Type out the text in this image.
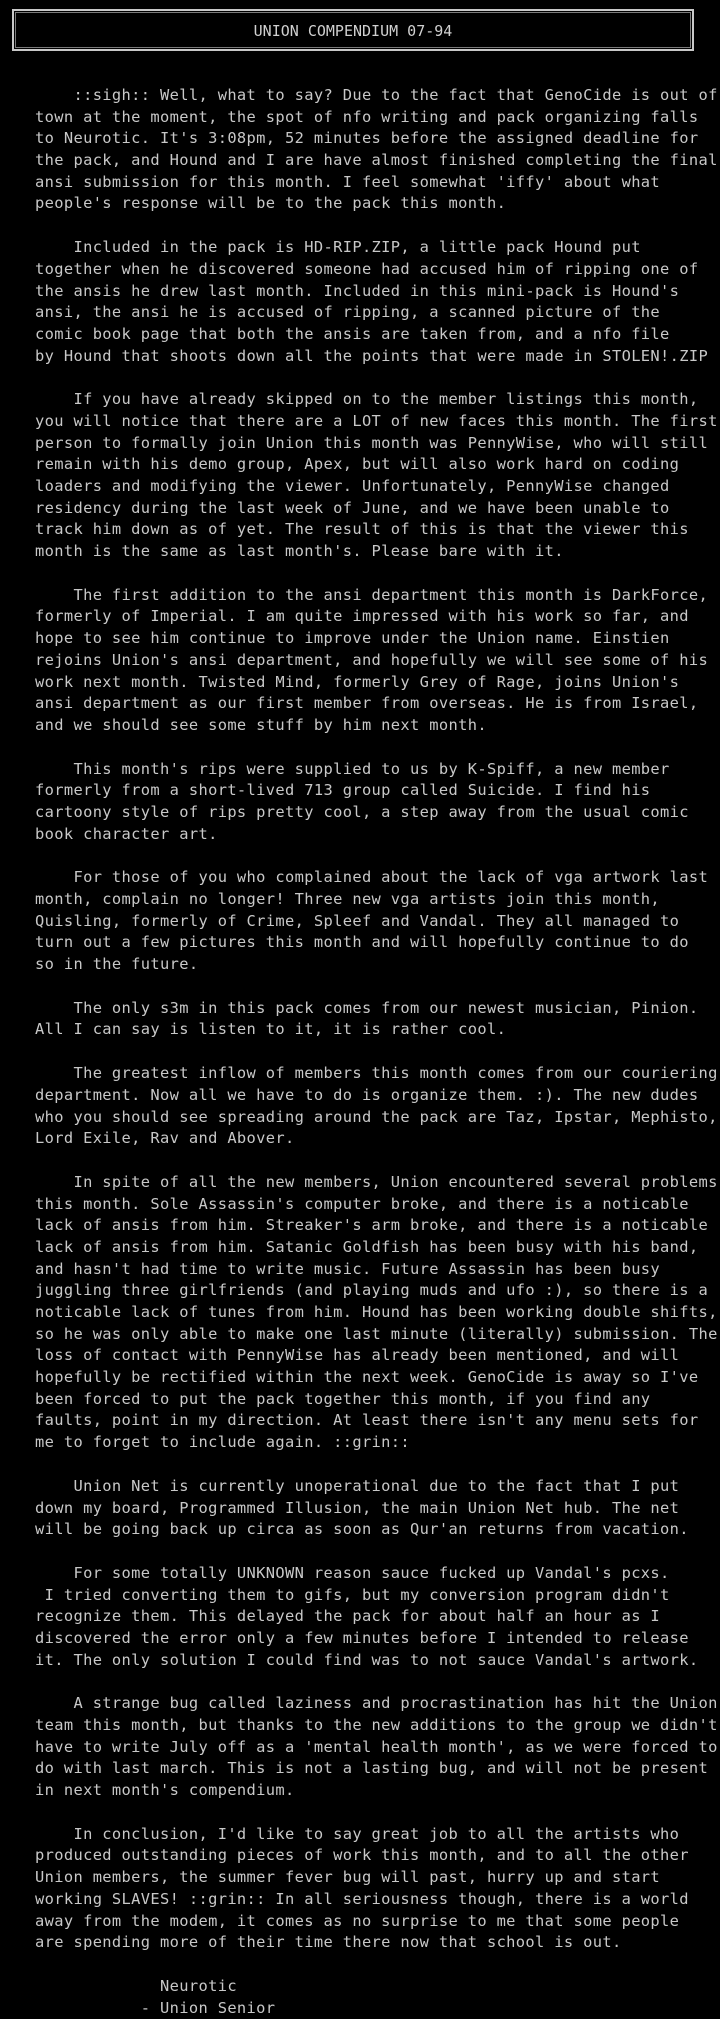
UNION COMPENDIUM 07-94
::sigh:: Well, what to say? Due to the fact that GenoCide is out of
town at the moment, the spot of nfo writing and pack organizing falls
to Neurotic. It's 3:08pm, 52 minutes before the assigned deadline for
the pack, and Hound and I are have almost finished completing the final
ansi submission for this month. I feel somewhat 'iffy' about what
people's response will be to the pack this month.
Included in the pack is HD-RIP.ZIP, a little pack Hound put
together when he discovered someone had accused him of ripping one of
the ansis he drew last month. Included in this mini-pack is Hound's
ansi, the ansi he is accused of ripping, a scanned picture of the
comic book page that both the ansis are taken from, and a nfo file
by Hound that shoots down all the points that were made in STOLEN!.ZIP
If you have already skipped on to the member listings this month,
you will notice that there are a LOT of new faces this month. The first
person to formally join Union this month was PennyWise, who will still
remain with his demo group, Apex, but will also work hard on coding
loaders and modifying the viewer. Unfortunately, PennyWise changed
residency during the last week of June, and we have been unable to
track him down as of yet. The result of this is that the viewer this
month is the same as last month's. Please bare with it.
The first addition to the ansi department this month is DarkForce,
formerly of Imperial. I am quite impressed with his work so far, and
hope to see him continue to improve under the Union name. Einstien
rejoins Union's ansi department, and hopefully we will see some of his
work next month. Twisted Mind, formerly Grey of Rage, joins Union's
ansi department as our first member from overseas. He is from Israel,
and we should see some stuff by him next month.
This month's rips were supplied to us by K-Spiff, a new member
formerly from a short-lived 713 group called Suicide. I find his
cartoony style of rips pretty cool, a step away from the usual comic
book character art.
For those of you who complained about the lack of vga artwork last
month, complain no longer! Three new vga artists join this month,
Quisling, formerly of Crime, Spleef and Vandal. They all managed to
turn out a few pictures this month and will hopefully continue to do
so in the future.
The only s3m in this pack comes from our newest musician, Pinion.
All I can say is listen to it, it is rather cool.
The greatest inflow of members this month comes from our couriering
department. Now all we have to do is organize them. :). The new dudes
who you should see spreading around the pack are Taz, Ipstar, Mephisto,
Lord Exile, Rav and Abover.
In spite of all the new members, Union encountered several problems
this month. Sole Assassin's computer broke, and there is a noticable
lack of ansis from him. Streaker's arm broke, and there is a noticable
lack of ansis from him. Satanic Goldfish has been busy with his band,
and hasn't had time to write music. Future Assassin has been busy
juggling three girlfriends (and playing muds and ufo :), so there is a
noticable lack of tunes from him. Hound has been working double shifts,
so he was only able to make one last minute (literally) submission. The
loss of contact with PennyWise has already been mentioned, and will
hopefully be rectified within the next week. GenoCide is away so I've
been forced to put the pack together this month, if you find any
faults, point in my direction. At least there isn't any menu sets for
me to forget to include again. ::grin::
Union Net is currently unoperational due to the fact that I put
down my board, Programmed Illusion, the main Union Net hub. The net
will be going back up circa as soon as Qur'an returns from vacation.
For some totally UNKNOWN reason sauce fucked up Vandal's pcxs.
I tried converting them to gifs, but my conversion program didn't
recognize them. This delayed the pack for about half an hour as I
discovered the error only a few minutes before I intended to release
it. The only solution I could find was to not sauce Vandal's artwork.
A strange bug called laziness and procrastination has hit the Union
team this month, but thanks to the new additions to the group we didn't
have to write July off as a 'mental health month', as we were forced to
do with last march. This is not a lasting bug, and will not be present
in next month's compendium.
In conclusion, I'd like to say great job to all the artists who
produced outstanding pieces of work this month, and to all the other
Union members, the summer fever bug will past, hurry up and start
working SLAVES! ::grin:: In all seriousness though, there is a world
away from the modem, it comes as no surprise to me that some people
are spending more of their time there now that school is out.
Neurotic
- Union Senior
